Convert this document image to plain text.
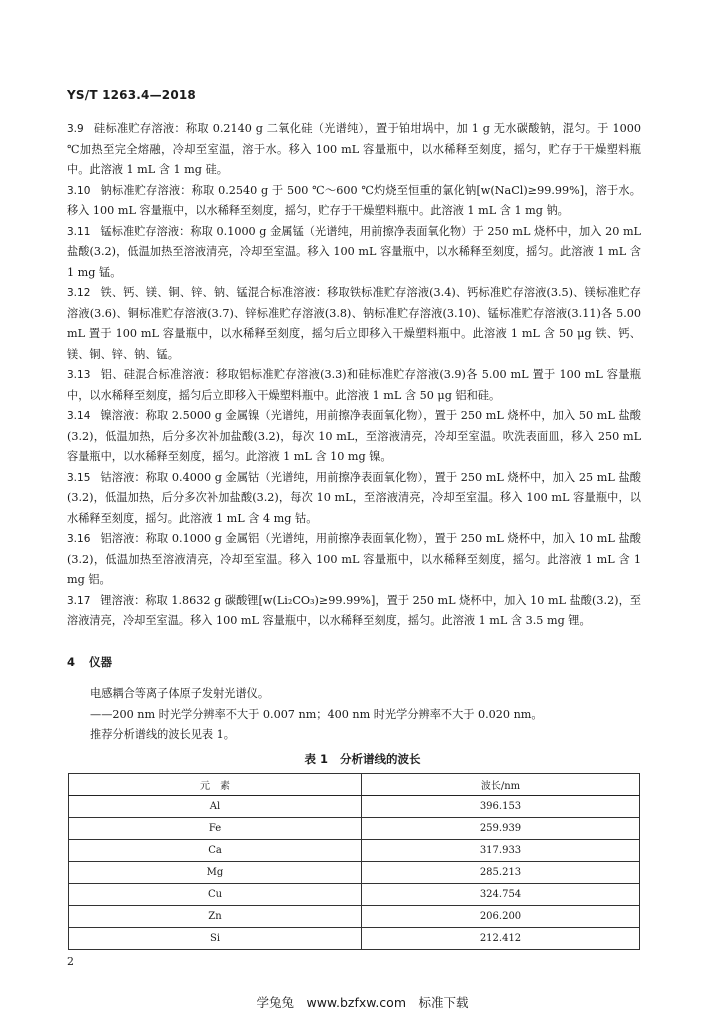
YS/T 1263.4—2018

3.9 硅标准贮存溶液：称取 0.2140 g 二氧化硅（光谱纯），置于铂坩埚中，加 1 g 无水碳酸钠，混匀。于 1000 ℃加热至完全熔融，冷却至室温，溶于水。移入 100 mL 容量瓶中，以水稀释至刻度，摇匀，贮存于干燥塑料瓶中。此溶液 1 mL 含 1 mg 硅。

3.10 钠标准贮存溶液：称取 0.2540 g 于 500 ℃～600 ℃灼烧至恒重的氯化钠[w(NaCl)≥99.99%]，溶于水。移入 100 mL 容量瓶中，以水稀释至刻度，摇匀，贮存于干燥塑料瓶中。此溶液 1 mL 含 1 mg 钠。

3.11 锰标准贮存溶液：称取 0.1000 g 金属锰（光谱纯，用前擦净表面氧化物）于 250 mL 烧杯中，加入 20 mL 盐酸(3.2)，低温加热至溶液清亮，冷却至室温。移入 100 mL 容量瓶中，以水稀释至刻度，摇匀。此溶液 1 mL 含 1 mg 锰。

3.12 铁、钙、镁、铜、锌、钠、锰混合标准溶液：移取铁标准贮存溶液(3.4)、钙标准贮存溶液(3.5)、镁标准贮存溶液(3.6)、铜标准贮存溶液(3.7)、锌标准贮存溶液(3.8)、钠标准贮存溶液(3.10)、锰标准贮存溶液(3.11)各 5.00 mL 置于 100 mL 容量瓶中，以水稀释至刻度，摇匀后立即移入干燥塑料瓶中。此溶液 1 mL 含 50 μg 铁、钙、镁、铜、锌、钠、锰。

3.13 铝、硅混合标准溶液：移取铝标准贮存溶液(3.3)和硅标准贮存溶液(3.9)各 5.00 mL 置于 100 mL 容量瓶中，以水稀释至刻度，摇匀后立即移入干燥塑料瓶中。此溶液 1 mL 含 50 μg 铝和硅。

3.14 镍溶液：称取 2.5000 g 金属镍（光谱纯，用前擦净表面氧化物），置于 250 mL 烧杯中，加入 50 mL 盐酸(3.2)，低温加热，后分多次补加盐酸(3.2)，每次 10 mL，至溶液清亮，冷却至室温。吹洗表面皿，移入 250 mL 容量瓶中，以水稀释至刻度，摇匀。此溶液 1 mL 含 10 mg 镍。

3.15 钴溶液：称取 0.4000 g 金属钴（光谱纯，用前擦净表面氧化物），置于 250 mL 烧杯中，加入 25 mL 盐酸(3.2)，低温加热，后分多次补加盐酸(3.2)，每次 10 mL，至溶液清亮，冷却至室温。移入 100 mL 容量瓶中，以水稀释至刻度，摇匀。此溶液 1 mL 含 4 mg 钴。

3.16 铝溶液：称取 0.1000 g 金属铝（光谱纯，用前擦净表面氧化物），置于 250 mL 烧杯中，加入 10 mL 盐酸(3.2)，低温加热至溶液清亮，冷却至室温。移入 100 mL 容量瓶中，以水稀释至刻度，摇匀。此溶液 1 mL 含 1 mg 铝。

3.17 锂溶液：称取 1.8632 g 碳酸锂[w(Li₂CO₃)≥99.99%]，置于 250 mL 烧杯中，加入 10 mL 盐酸(3.2)，至溶液清亮，冷却至室温。移入 100 mL 容量瓶中，以水稀释至刻度，摇匀。此溶液 1 mL 含 3.5 mg 锂。

4 仪器

电感耦合等离子体原子发射光谱仪。

——200 nm 时光学分辨率不大于 0.007 nm；400 nm 时光学分辨率不大于 0.020 nm。

推荐分析谱线的波长见表 1。

表 1 分析谱线的波长
元　素	波长/nm
Al	396.153
Fe	259.939
Ca	317.933
Mg	285.213
Cu	324.754
Zn	206.200
Si	212.412
2
学兔兔　www.bzfxw.com　标准下载
